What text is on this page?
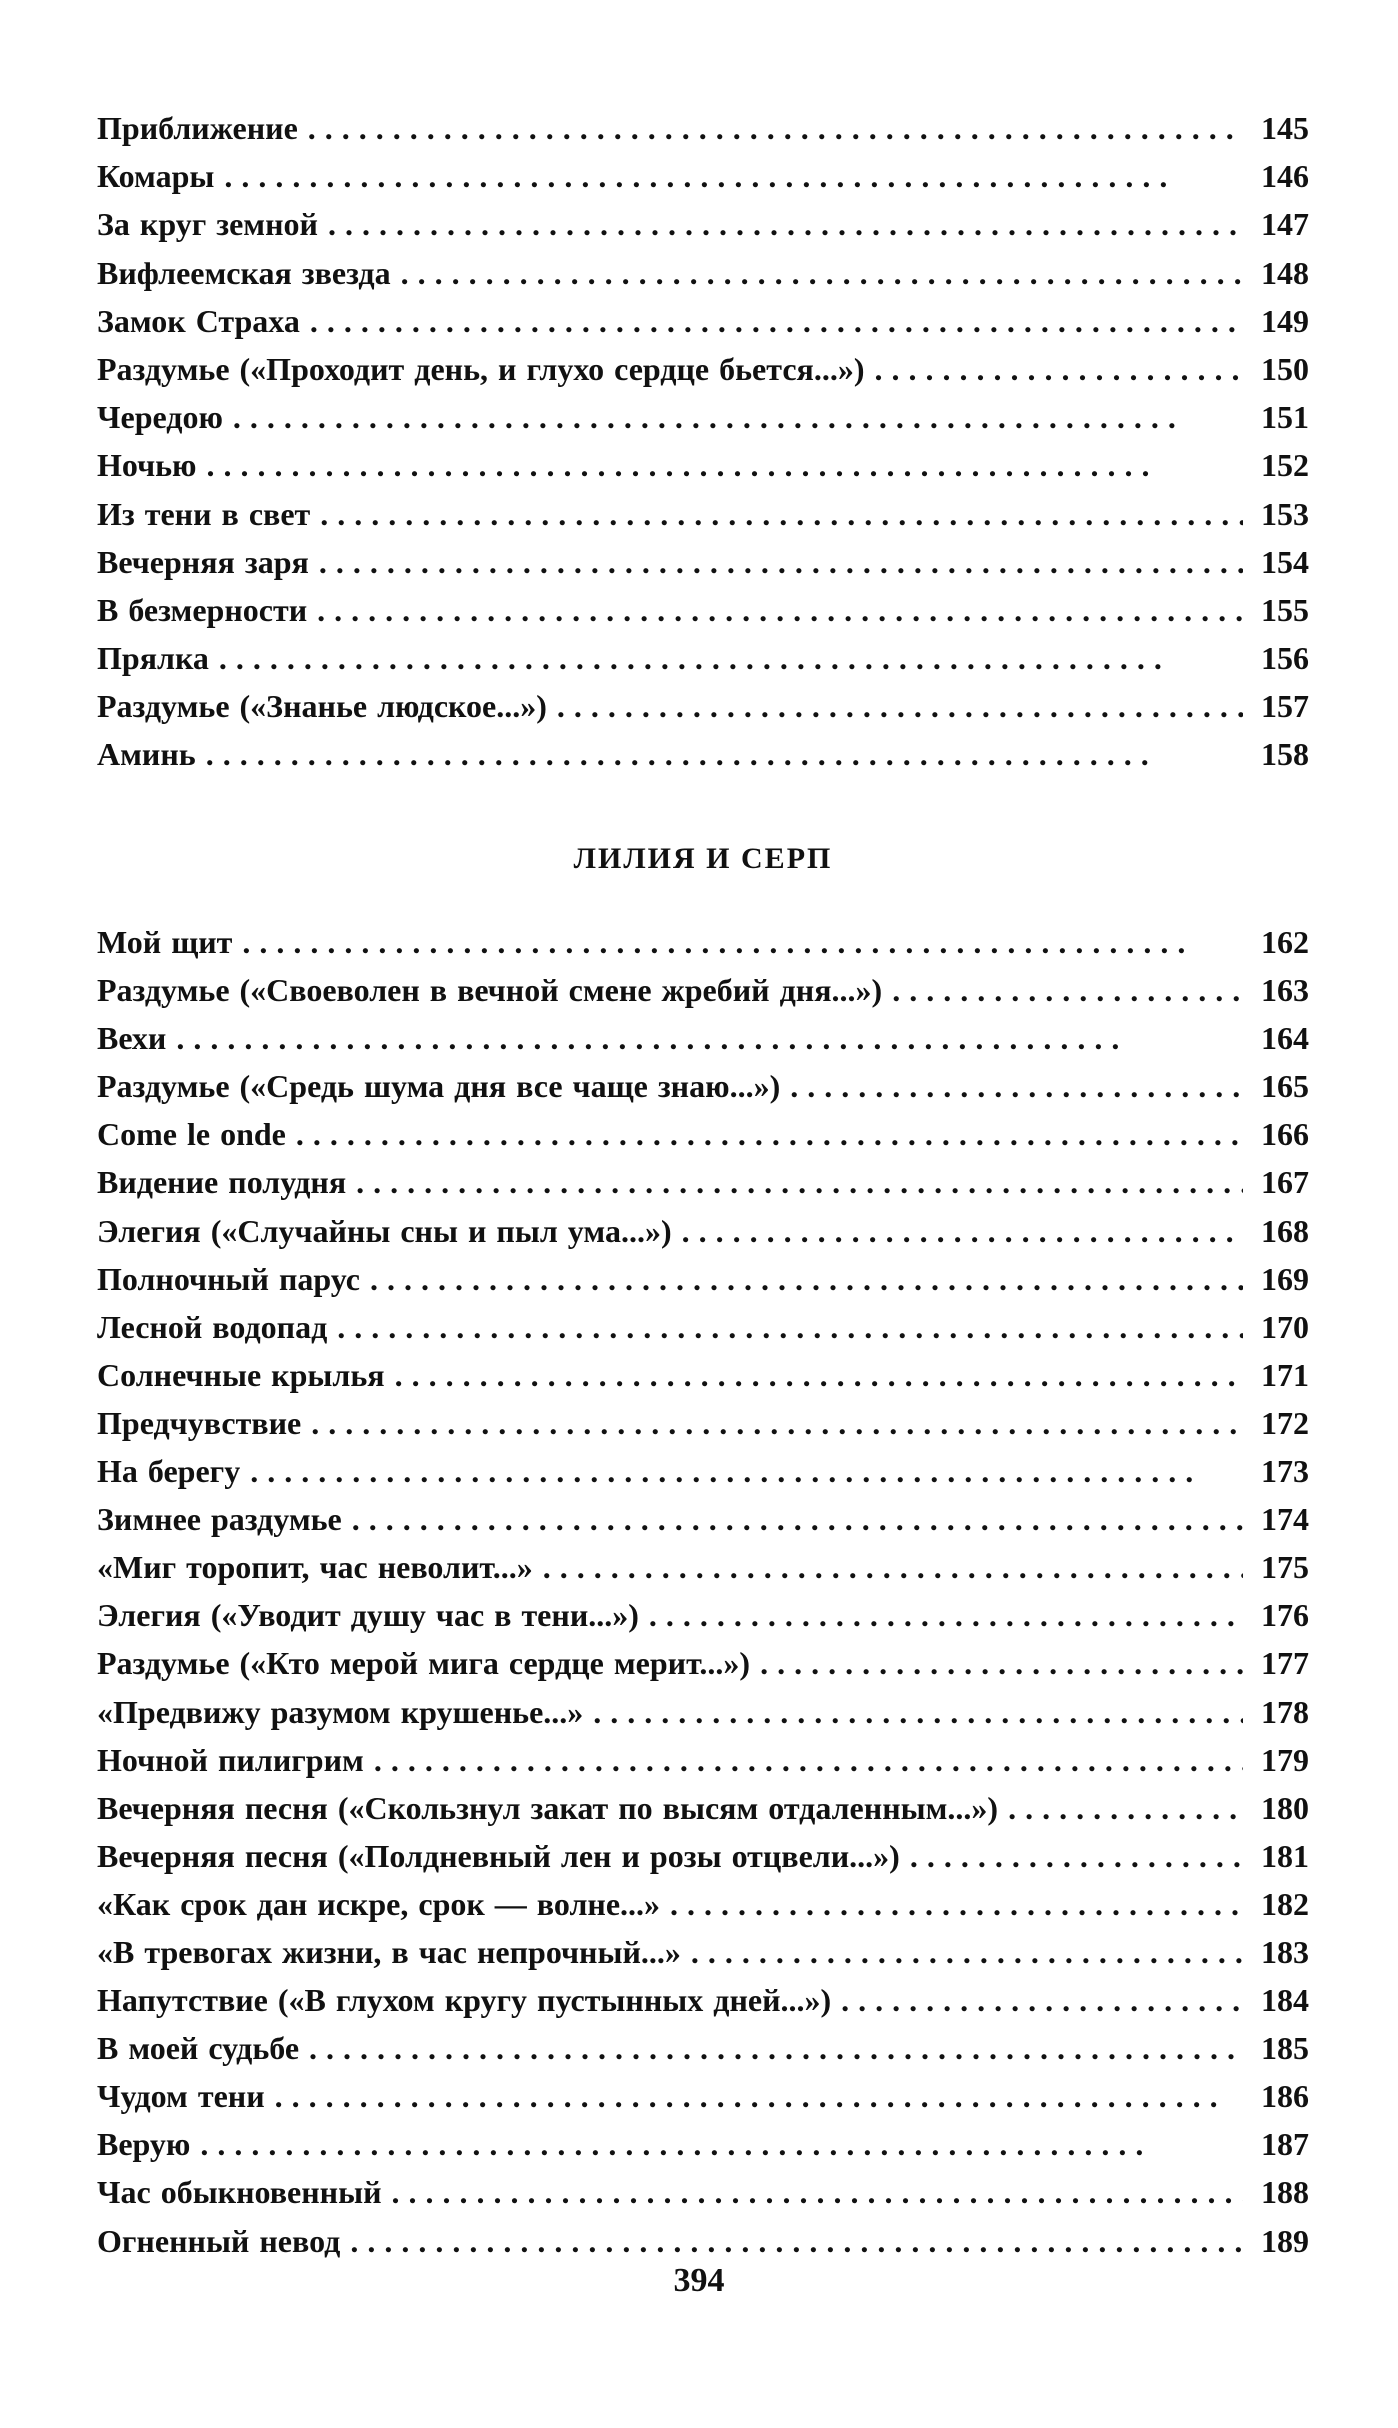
Приближение . . .	145
Комары . . .	146
За круг земной . . .	147
Вифлеемская звезда . . .	148
Замок Страха . . .	149
Раздумье («Проходит день, и глухо сердце бьется...») . . .	150
Чередою . . .	151
Ночью . . .	152
Из тени в свет . . .	153
Вечерняя заря . . .	154
В безмерности . . .	155
Прялка . . .	156
Раздумье («Знанье людское...») . . .	157
Аминь . . .	158
ЛИЛИЯ И СЕРП
Мой щит . . .	162
Раздумье («Своеволен в вечной смене жребий дня...») . . .	163
Вехи . . .	164
Раздумье («Средь шума дня все чаще знаю...») . . .	165
Come le onde . . .	166
Видение полудня . . .	167
Элегия («Случайны сны и пыл ума...») . . .	168
Полночный парус . . .	169
Лесной водопад . . .	170
Солнечные крылья . . .	171
Предчувствие . . .	172
На берегу . . .	173
Зимнее раздумье . . .	174
«Миг торопит, час неволит...» . . .	175
Элегия («Уводит душу час в тени...») . . .	176
Раздумье («Кто мерой мига сердце мерит...») . . .	177
«Предвижу разумом крушенье...» . . .	178
Ночной пилигрим . . .	179
Вечерняя песня («Скользнул закат по высям отдаленным...») . . .	180
Вечерняя песня («Полдневный лен и розы отцвели...») . . .	181
«Как срок дан искре, срок — волне...» . . .	182
«В тревогах жизни, в час непрочный...» . . .	183
Напутствие («В глухом кругу пустынных дней...») . . .	184
В моей судьбе . . .	185
Чудом тени . . .	186
Верую . . .	187
Час обыкновенный . . .	188
Огненный невод . . .	189
394
